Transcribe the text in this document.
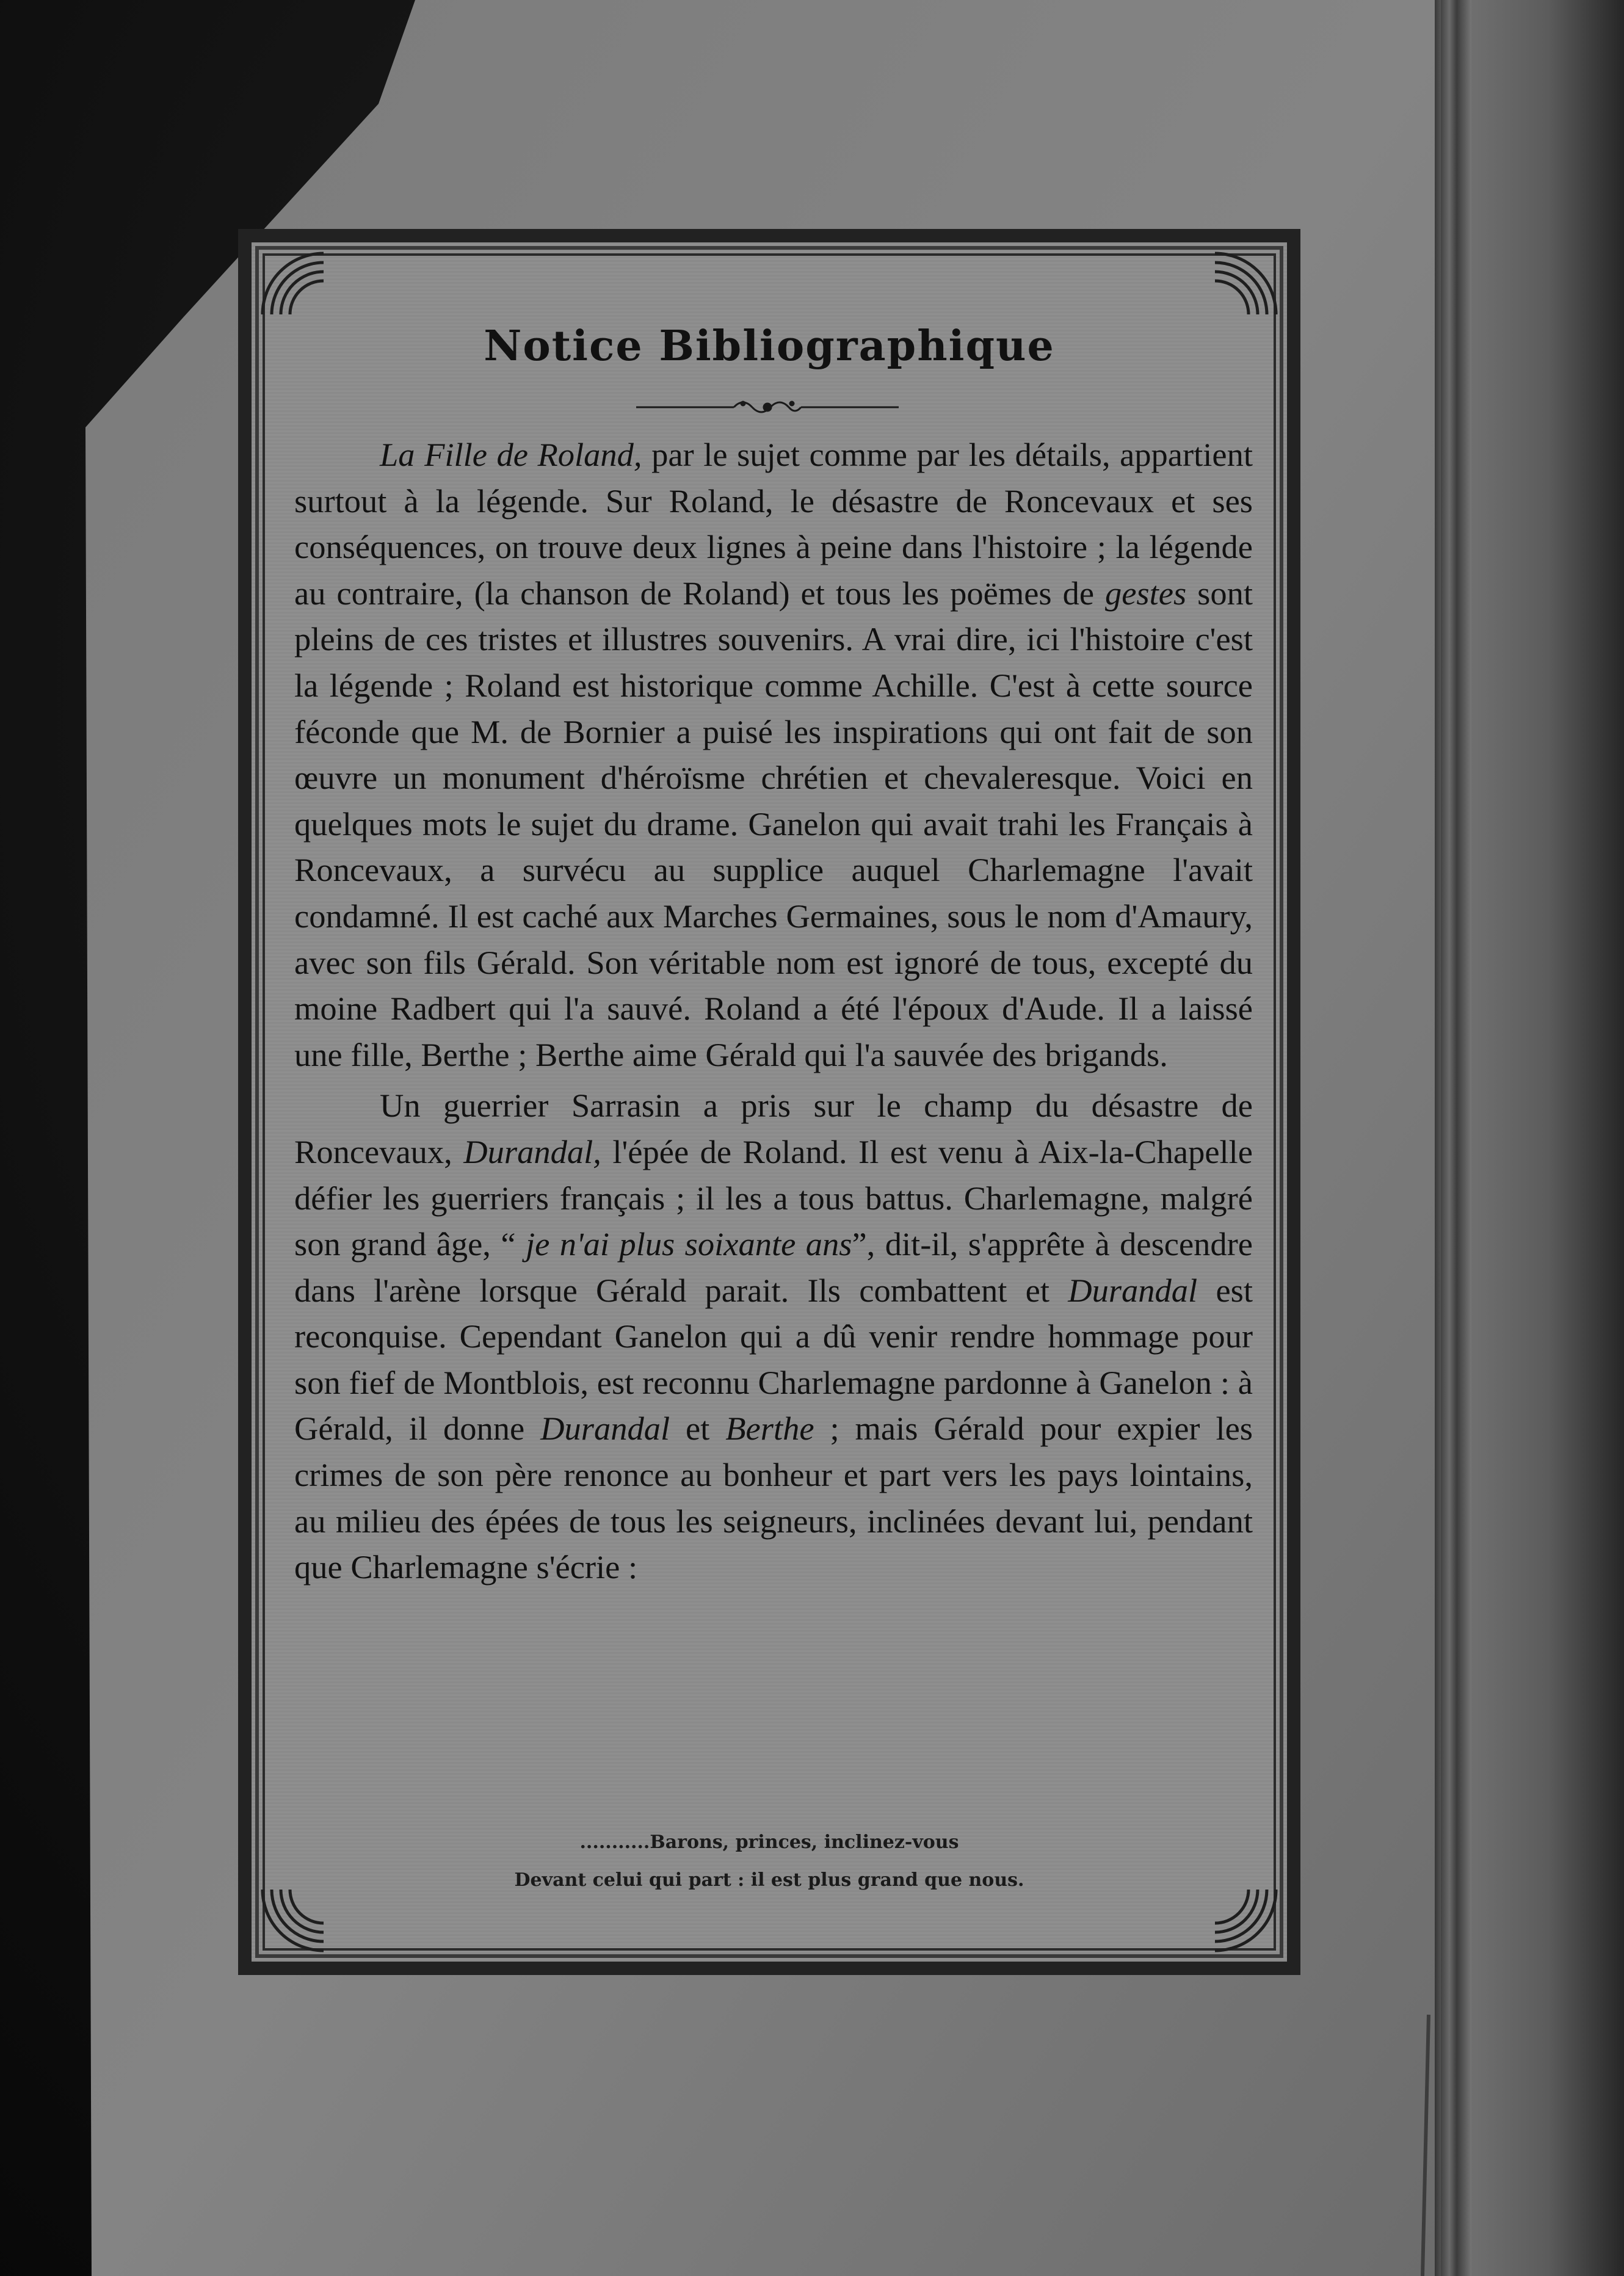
Notice Bibliographique

La Fille de Roland, par le sujet comme par les détails, appartient surtout à la légende. Sur Roland, le désastre de Roncevaux et ses conséquences, on trouve deux lignes à peine dans l'histoire ; la légende au contraire, (la chanson de Roland) et tous les poëmes de gestes sont pleins de ces tristes et illustres souvenirs. A vrai dire, ici l'histoire c'est la légende ; Roland est historique comme Achille. C'est à cette source féconde que M. de Bornier a puisé les inspirations qui ont fait de son œuvre un monument d'héroïsme chrétien et chevaleresque. Voici en quelques mots le sujet du drame. Ganelon qui avait trahi les Français à Roncevaux, a survécu au supplice auquel Charlemagne l'avait condamné. Il est caché aux Marches Germaines, sous le nom d'Amaury, avec son fils Gérald. Son véritable nom est ignoré de tous, excepté du moine Radbert qui l'a sauvé. Roland a été l'époux d'Aude. Il a laissé une fille, Berthe ; Berthe aime Gérald qui l'a sauvée des brigands.

Un guerrier Sarrasin a pris sur le champ du désastre de Roncevaux, Durandal, l'épée de Roland. Il est venu à Aix-la-Chapelle défier les guerriers français ; il les a tous battus. Charlemagne, malgré son grand âge, “ je n'ai plus soixante ans”, dit-il, s'apprête à descendre dans l'arène lorsque Gérald parait. Ils combattent et Durandal est reconquise. Cependant Ganelon qui a dû venir rendre hommage pour son fief de Montblois, est reconnu Charlemagne pardonne à Ganelon : à Gérald, il donne Durandal et Berthe ; mais Gérald pour expier les crimes de son père renonce au bonheur et part vers les pays lointains, au milieu des épées de tous les seigneurs, inclinées devant lui, pendant que Charlemagne s'écrie :

...........Barons, princes, inclinez-vous
Devant celui qui part : il est plus grand que nous.
